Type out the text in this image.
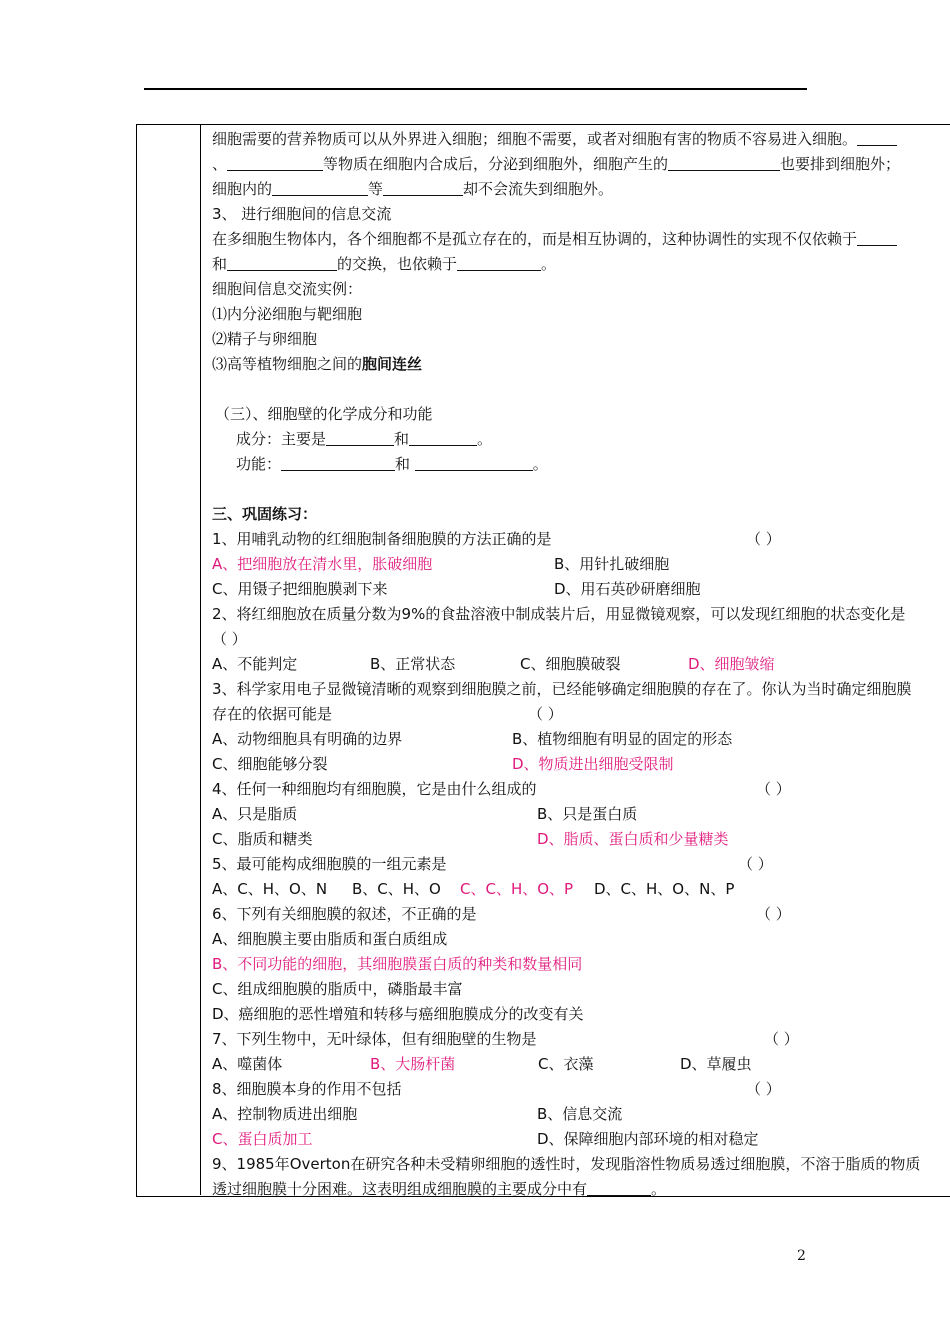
细胞需要的营养物质可以从外界进入细胞；细胞不需要，或者对细胞有害的物质不容易进入细胞。
、	等物质在细胞内合成后，分泌到细胞外，细胞产生的	也要排到细胞外；
细胞内的	等	却不会流失到细胞外。
3、 进行细胞间的信息交流
在多细胞生物体内，各个细胞都不是孤立存在的，而是相互协调的，这种协调性的实现不仅依赖于
和	的交换，也依赖于	。
细胞间信息交流实例：
⑴内分泌细胞与靶细胞
⑵精子与卵细胞
⑶高等植物细胞之间的胞间连丝
（三）、细胞壁的化学成分和功能
成分：主要是	和	。
功能：	和	。
三、巩固练习：
1、用哺乳动物的红细胞制备细胞膜的方法正确的是	（ ）
A、把细胞放在清水里，胀破细胞	B、用针扎破细胞
C、用镊子把细胞膜剥下来	D、用石英砂研磨细胞
2、将红细胞放在质量分数为9%的食盐溶液中制成装片后，用显微镜观察，可以发现红细胞的状态变化是
（ ）
A、不能判定	B、正常状态	C、细胞膜破裂	D、细胞皱缩
3、科学家用电子显微镜清晰的观察到细胞膜之前，已经能够确定细胞膜的存在了。你认为当时确定细胞膜
存在的依据可能是	（ ）
A、动物细胞具有明确的边界	B、植物细胞有明显的固定的形态
C、细胞能够分裂	D、物质进出细胞受限制
4、任何一种细胞均有细胞膜，它是由什么组成的	（ ）
A、只是脂质	B、只是蛋白质
C、脂质和糖类	D、脂质、蛋白质和少量糖类
5、最可能构成细胞膜的一组元素是	（ ）
A、C、H、O、N B、C、H、O C、C、H、O、P D、C、H、O、N、P
6、下列有关细胞膜的叙述，不正确的是	（ ）
A、细胞膜主要由脂质和蛋白质组成
B、不同功能的细胞，其细胞膜蛋白质的种类和数量相同
C、组成细胞膜的脂质中，磷脂最丰富
D、癌细胞的恶性增殖和转移与癌细胞膜成分的改变有关
7、下列生物中，无叶绿体，但有细胞壁的生物是	（ ）
A、噬菌体	B、大肠杆菌	C、衣藻	D、草履虫
8、细胞膜本身的作用不包括	（ ）
A、控制物质进出细胞	B、信息交流
C、蛋白质加工	D、保障细胞内部环境的相对稳定
9、1985年Overton在研究各种未受精卵细胞的透性时，发现脂溶性物质易透过细胞膜，不溶于脂质的物质
透过细胞膜十分困难。这表明组成细胞膜的主要成分中有	。
2
